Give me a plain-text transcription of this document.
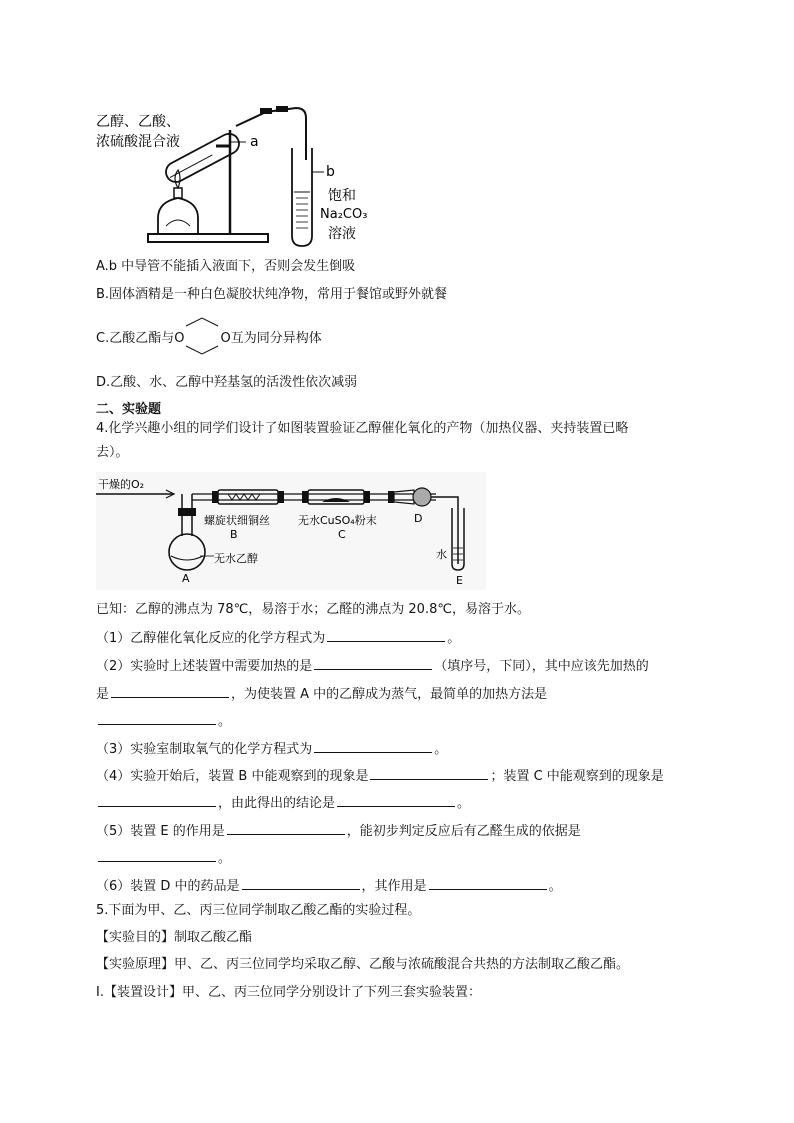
乙醇、乙酸、
浓硫酸混合液	a
b
饱和
Na₂CO₃
溶液
A.b 中导管不能插入液面下，否则会发生倒吸
B.固体酒精是一种白色凝胶状纯净物，常用于餐馆或野外就餐
C.乙酸乙酯与O	O互为同分异构体
D.乙酸、水、乙醇中羟基氢的活泼性依次减弱
二、实验题
4.化学兴趣小组的同学们设计了如图装置验证乙醇催化氧化的产物（加热仪器、夹持装置已略
去）。
干燥的O₂
无水乙醇
A
螺旋状细铜丝
B
无水CuSO₄粉末
C
D
水
E
已知：乙醇的沸点为 78℃，易溶于水；乙醛的沸点为 20.8℃，易溶于水。
（1）乙醇催化氧化反应的化学方程式为	。
（2）实验时上述装置中需要加热的是	（填序号，下同），其中应该先加热的
是	，为使装置 A 中的乙醇成为蒸气，最简单的加热方法是
。
（3）实验室制取氧气的化学方程式为	。
（4）实验开始后，装置 B 中能观察到的现象是	；装置 C 中能观察到的现象是
，由此得出的结论是	。
（5）装置 E 的作用是	，能初步判定反应后有乙醛生成的依据是
。
（6）装置 D 中的药品是	，其作用是	。
5.下面为甲、乙、丙三位同学制取乙酸乙酯的实验过程。
【实验目的】制取乙酸乙酯
【实验原理】甲、乙、丙三位同学均采取乙醇、乙酸与浓硫酸混合共热的方法制取乙酸乙酯。
I.【装置设计】甲、乙、丙三位同学分别设计了下列三套实验装置：
